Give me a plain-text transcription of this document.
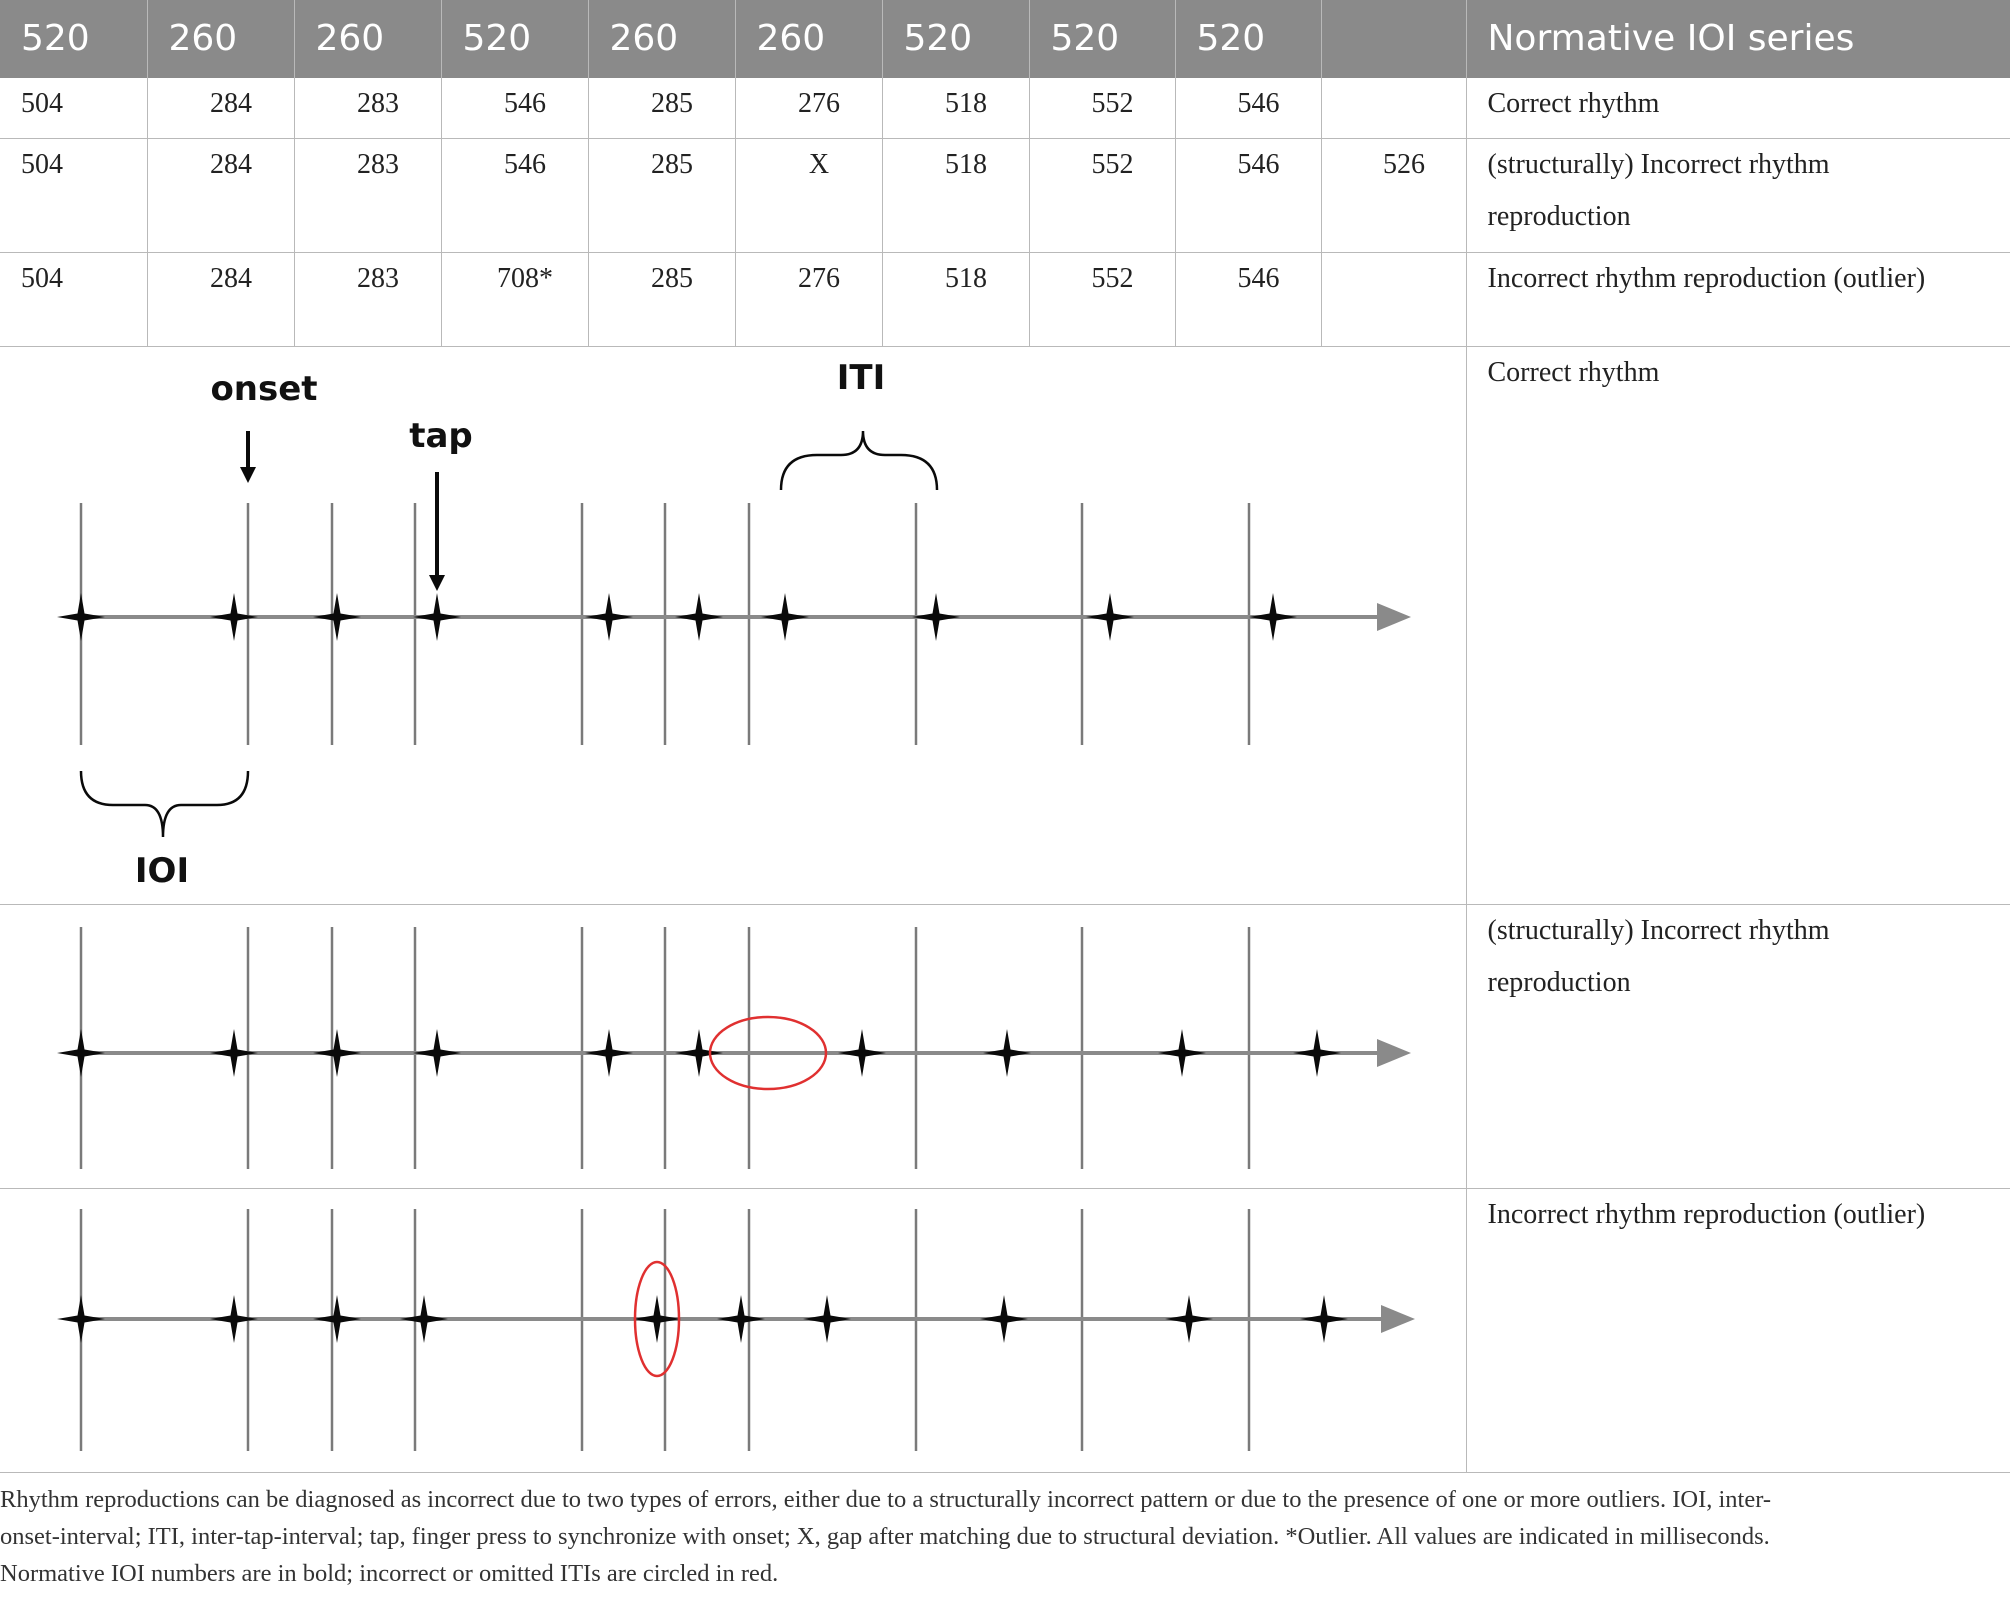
520	260	260	520	260	260	520	520	520		Normative IOI series
504	284	283	546	285	276	518	552	546		Correct rhythm
504	284	283	546	285	X	518	552	546	526	(structurally) Incorrect rhythm
reproduction
504	284	283	708*	285	276	518	552	546		Incorrect rhythm reproduction (outlier)

onset
tap
ITI
IOI										Correct rhythm

	(structurally) Incorrect rhythm
reproduction

	Incorrect rhythm reproduction (outlier)
Rhythm reproductions can be diagnosed as incorrect due to two types of errors, either due to a structurally incorrect pattern or due to the presence of one or more outliers. IOI, inter-
onset-interval; ITI, inter-tap-interval; tap, finger press to synchronize with onset; X, gap after matching due to structural deviation. *Outlier. All values are indicated in milliseconds.
Normative IOI numbers are in bold; incorrect or omitted ITIs are circled in red.
